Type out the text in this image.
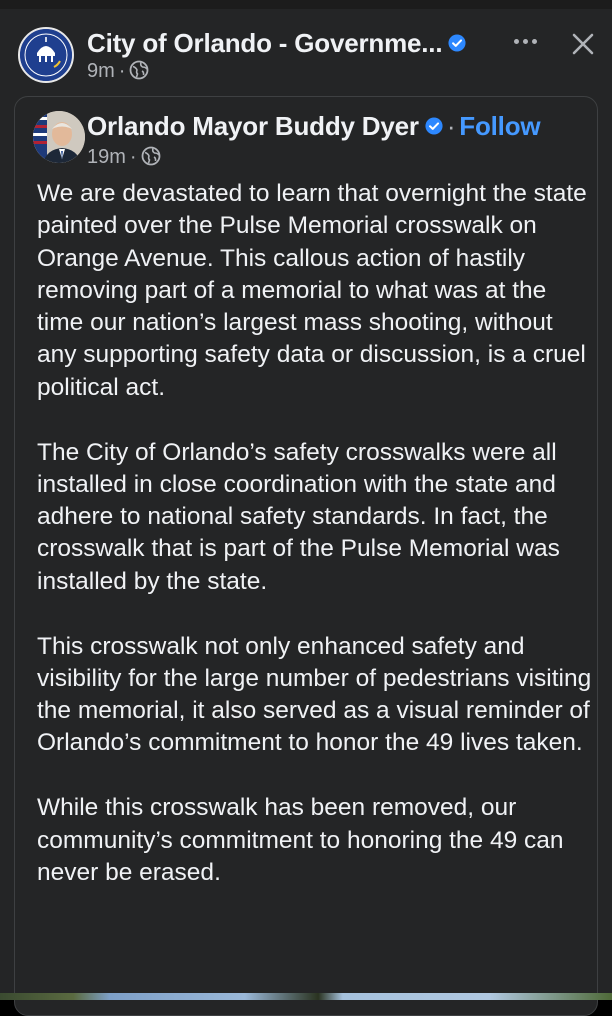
City of Orlando - Governme...
9m ·
Orlando Mayor Buddy Dyer · Follow
19m ·

We are devastated to learn that overnight the state painted over the Pulse Memorial crosswalk on Orange Avenue. This callous action of hastily removing part of a memorial to what was at the time our nation’s largest mass shooting, without any supporting safety data or discussion, is a cruel political act.

The City of Orlando’s safety crosswalks were all installed in close coordination with the state and adhere to national safety standards. In fact, the crosswalk that is part of the Pulse Memorial was installed by the state.

This crosswalk not only enhanced safety and visibility for the large number of pedestrians visiting the memorial, it also served as a visual reminder of Orlando’s commitment to honor the 49 lives taken.

While this crosswalk has been removed, our community’s commitment to honoring the 49 can never be erased.
